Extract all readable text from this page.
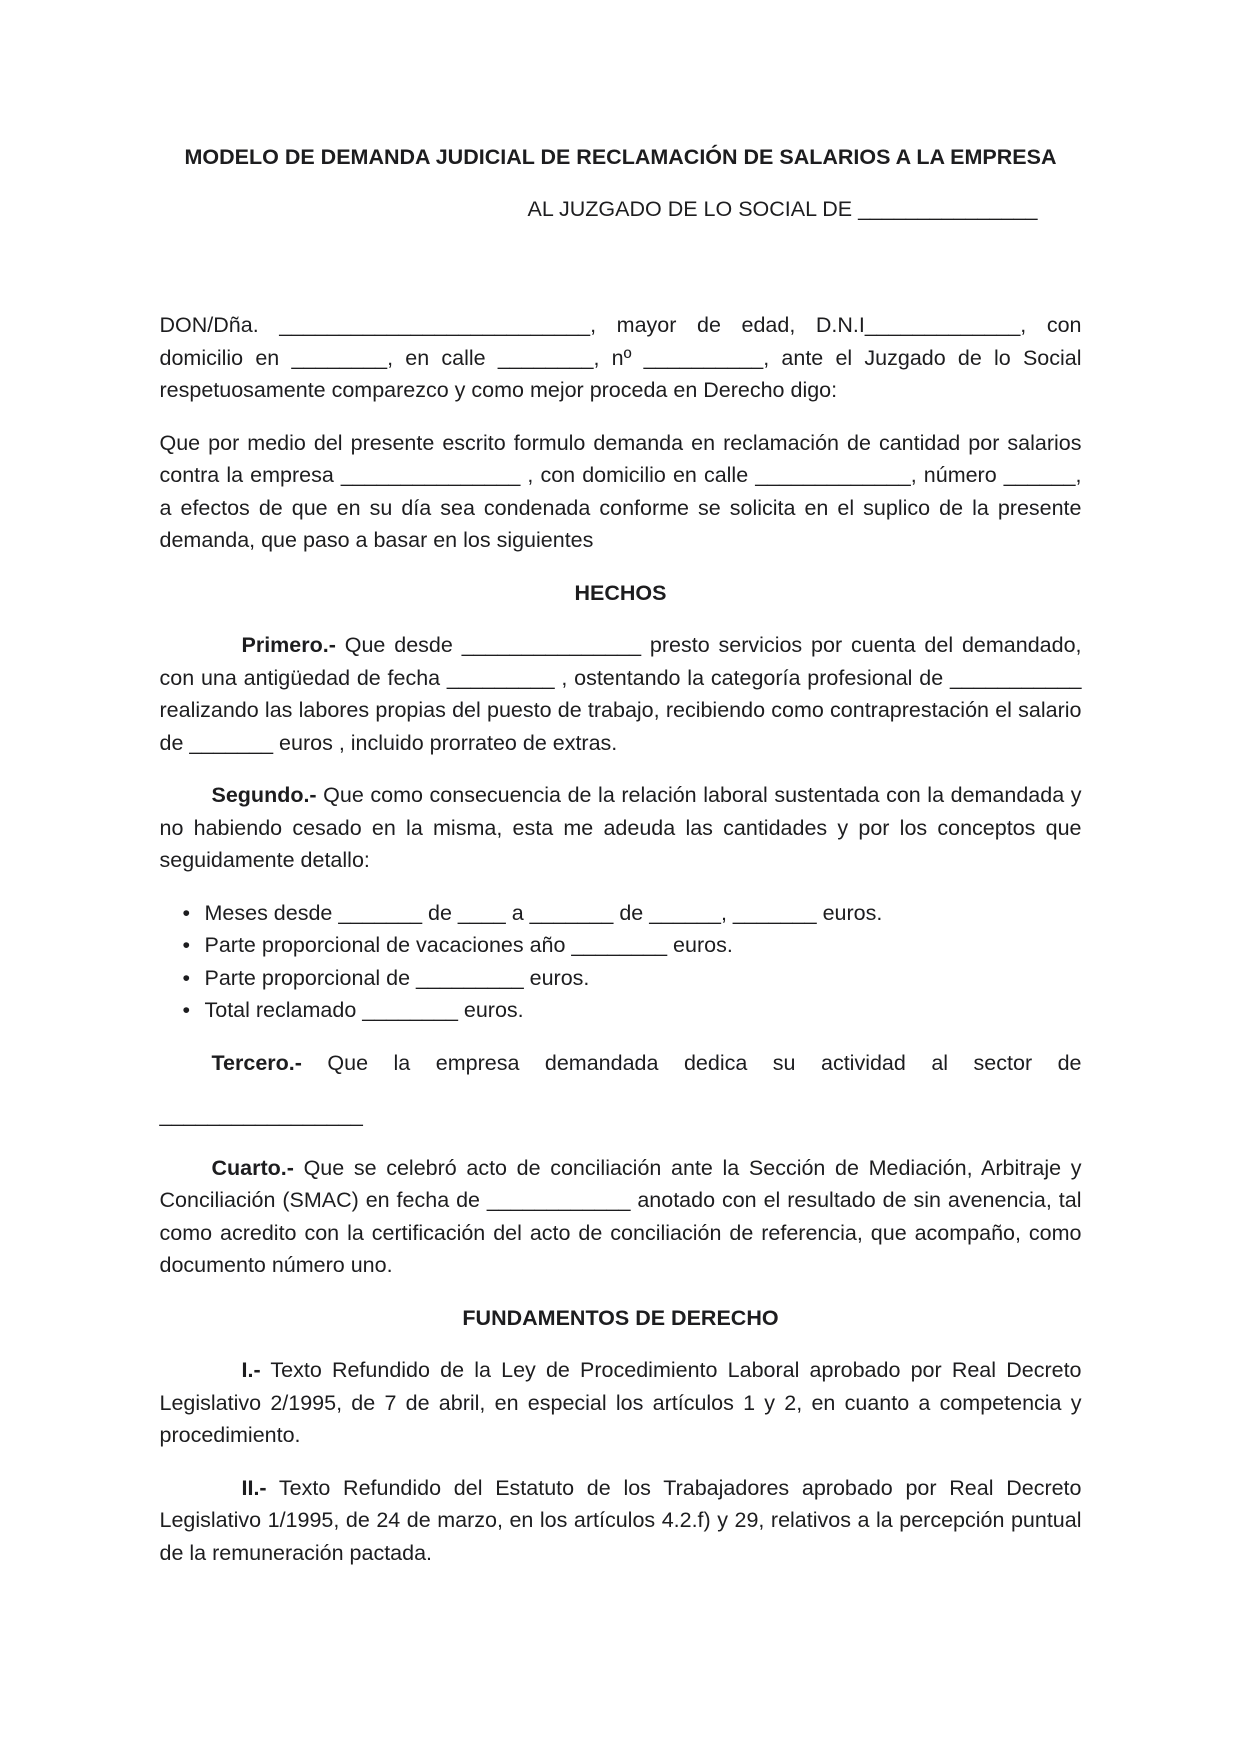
MODELO DE DEMANDA JUDICIAL DE RECLAMACIÓN DE SALARIOS A LA EMPRESA

AL JUZGADO DE LO SOCIAL DE _______________

DON/Dña. __________________________, mayor de edad, D.N.I_____________, con domicilio en ________, en calle ________, nº __________, ante el Juzgado de lo Social respetuosamente comparezco y como mejor proceda en Derecho digo:

Que por medio del presente escrito formulo demanda en reclamación de cantidad por salarios contra la empresa _______________ , con domicilio en calle _____________, número ______, a efectos de que en su día sea condenada conforme se solicita en el suplico de la presente demanda, que paso a basar en los siguientes

HECHOS

Primero.- Que desde _______________ presto servicios por cuenta del demandado, con una antigüedad de fecha _________ , ostentando la categoría profesional de ___________ realizando las labores propias del puesto de trabajo, recibiendo como contraprestación el salario de _______ euros , incluido prorrateo de extras.

Segundo.- Que como consecuencia de la relación laboral sustentada con la demandada y no habiendo cesado en la misma, esta me adeuda las cantidades y por los conceptos que seguidamente detallo:

• Meses desde _______ de ____ a _______ de ______, _______ euros.
• Parte proporcional de vacaciones año ________ euros.
• Parte proporcional de _________ euros.
• Total reclamado ________ euros.

Tercero.- Que la empresa demandada dedica su actividad al sector de

_________________

Cuarto.- Que se celebró acto de conciliación ante la Sección de Mediación, Arbitraje y Conciliación (SMAC) en fecha de ____________ anotado con el resultado de sin avenencia, tal como acredito con la certificación del acto de conciliación de referencia, que acompaño, como documento número uno.

FUNDAMENTOS DE DERECHO

I.- Texto Refundido de la Ley de Procedimiento Laboral aprobado por Real Decreto Legislativo 2/1995, de 7 de abril, en especial los artículos 1 y 2, en cuanto a competencia y procedimiento.

II.- Texto Refundido del Estatuto de los Trabajadores aprobado por Real Decreto Legislativo 1/1995, de 24 de marzo, en los artículos 4.2.f) y 29, relativos a la percepción puntual de la remuneración pactada.
